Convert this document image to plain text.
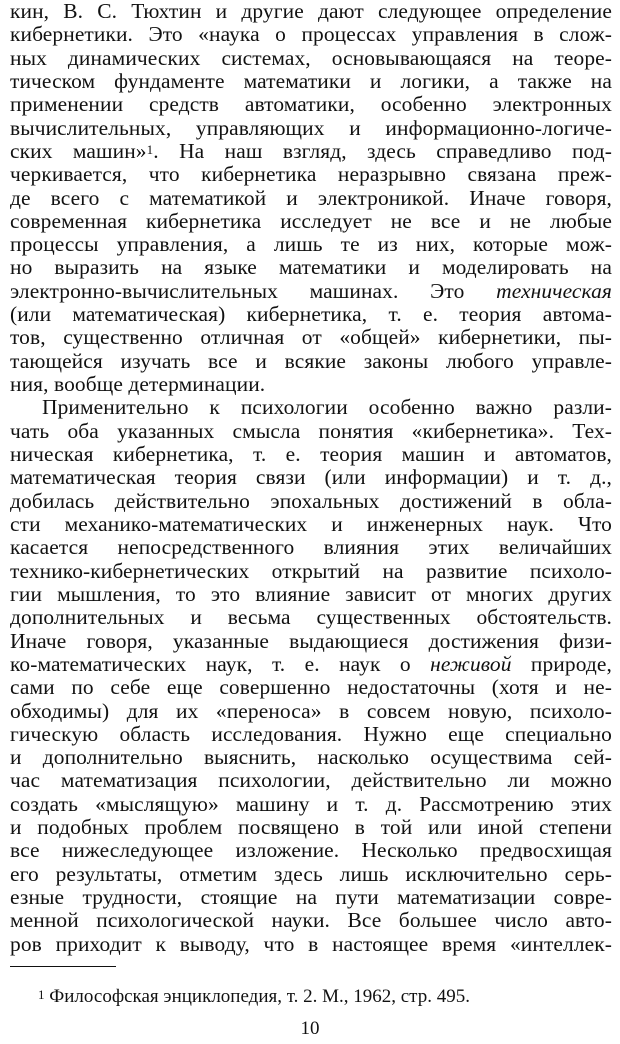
$^1$ Философская энциклопедия, т. 2. М., 1962, стр. 495.
10
кин, В. С. Тюхтин и другие дают следующее определение
кибернетики. Это «наука о процессах управления в слож-
ных динамических системах, основывающаяся на теоре-
тическом фундаменте математики и логики, а также на
применении средств автоматики, особенно электронных
вычислительных, управляющих и информационно-логиче-
ских машин»$^1$. На наш взгляд, здесь справедливо под-
черкивается, что кибернетика неразрывно связана преж-
де всего с математикой и электроникой. Иначе говоря,
современная кибернетика исследует не все и не любые
процессы управления, а лишь те из них, которые мож-
но выразить на языке математики и моделировать на
электронно-вычислительных машинах. Это техническая
(или математическая) кибернетика, т. е. теория автома-
тов, существенно отличная от «общей» кибернетики, пы-
тающейся изучать все и всякие законы любого управле-
ния, вообще детерминации.
Применительно к психологии особенно важно разли-
чать оба указанных смысла понятия «кибернетика». Тех-
ническая кибернетика, т. е. теория машин и автоматов,
математическая теория связи (или информации) и т. д.,
добилась действительно эпохальных достижений в обла-
сти механико-математических и инженерных наук. Что
касается непосредственного влияния этих величайших
технико-кибернетических открытий на развитие психоло-
гии мышления, то это влияние зависит от многих других
дополнительных и весьма существенных обстоятельств.
Иначе говоря, указанные выдающиеся достижения физи-
ко-математических наук, т. е. наук о неживой природе,
сами по себе еще совершенно недостаточны (хотя и не-
обходимы) для их «переноса» в совсем новую, психоло-
гическую область исследования. Нужно еще специально
и дополнительно выяснить, насколько осуществима сей-
час математизация психологии, действительно ли можно
создать «мыслящую» машину и т. д. Рассмотрению этих
и подобных проблем посвящено в той или иной степени
все нижеследующее изложение. Несколько предвосхищая
его результаты, отметим здесь лишь исключительно серь-
езные трудности, стоящие на пути математизации совре-
менной психологической науки. Все большее число авто-
ров приходит к выводу, что в настоящее время «интеллек-
